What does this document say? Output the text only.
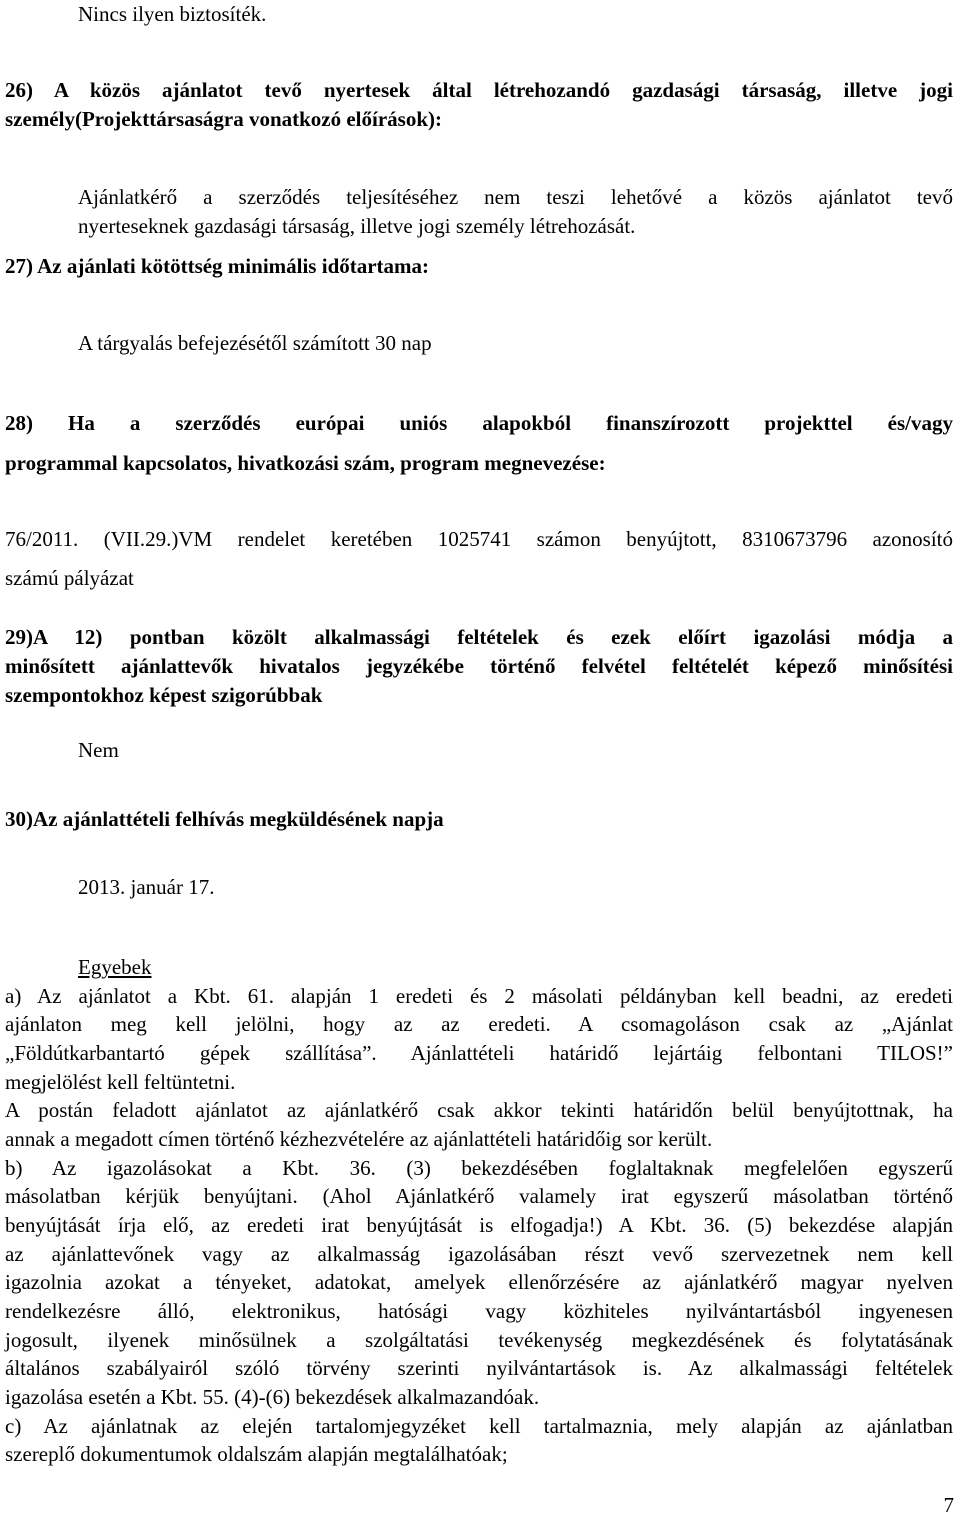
Nincs ilyen biztosíték.
26) A közös ajánlatot tevő nyertesek által létrehozandó gazdasági társaság, illetve jogi
személy(Projekttársaságra vonatkozó előírások):
Ajánlatkérő a szerződés teljesítéséhez nem teszi lehetővé a közös ajánlatot tevő
nyerteseknek gazdasági társaság, illetve jogi személy létrehozását.
27) Az ajánlati kötöttség minimális időtartama:
A tárgyalás befejezésétől számított 30 nap
28) Ha a szerződés európai uniós alapokból finanszírozott projekttel és/vagy
programmal kapcsolatos, hivatkozási szám, program megnevezése:
76/2011. (VII.29.)VM rendelet keretében 1025741 számon benyújtott, 8310673796 azonosító
számú pályázat
29)A 12) pontban közölt alkalmassági feltételek és ezek előírt igazolási módja a
minősített ajánlattevők hivatalos jegyzékébe történő felvétel feltételét képező minősítési
szempontokhoz képest szigorúbbak
Nem
30)Az ajánlattételi felhívás megküldésének napja
2013. január 17.
Egyebek
a) Az ajánlatot a Kbt. 61. alapján 1 eredeti és 2 másolati példányban kell beadni, az eredeti
ajánlaton meg kell jelölni, hogy az az eredeti. A csomagoláson csak az „Ajánlat
„Földútkarbantartó gépek szállítása”. Ajánlattételi határidő lejártáig felbontani TILOS!”
megjelölést kell feltüntetni.
A postán feladott ajánlatot az ajánlatkérő csak akkor tekinti határidőn belül benyújtottnak, ha
annak a megadott címen történő kézhezvételére az ajánlattételi határidőig sor került.
b) Az igazolásokat a Kbt. 36. (3) bekezdésében foglaltaknak megfelelően egyszerű
másolatban kérjük benyújtani. (Ahol Ajánlatkérő valamely irat egyszerű másolatban történő
benyújtását írja elő, az eredeti irat benyújtását is elfogadja!) A Kbt. 36. (5) bekezdése alapján
az ajánlattevőnek vagy az alkalmasság igazolásában részt vevő szervezetnek nem kell
igazolnia azokat a tényeket, adatokat, amelyek ellenőrzésére az ajánlatkérő magyar nyelven
rendelkezésre álló, elektronikus, hatósági vagy közhiteles nyilvántartásból ingyenesen
jogosult, ilyenek minősülnek a szolgáltatási tevékenység megkezdésének és folytatásának
általános szabályairól szóló törvény szerinti nyilvántartások is. Az alkalmassági feltételek
igazolása esetén a Kbt. 55. (4)-(6) bekezdések alkalmazandóak.
c) Az ajánlatnak az elején tartalomjegyzéket kell tartalmaznia, mely alapján az ajánlatban
szereplő dokumentumok oldalszám alapján megtalálhatóak;
7
